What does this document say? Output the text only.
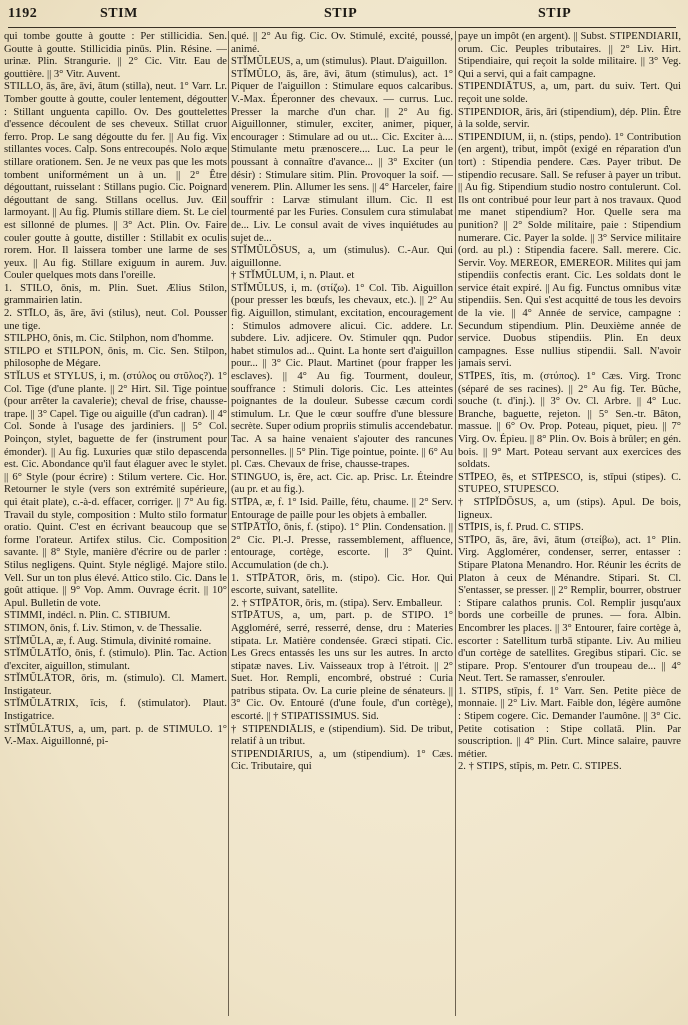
1192	STIM	STIP	STIP

qui tombe goutte à goutte : Per stillicidia. Sen. Goutte à goutte. Stillicidia pinūs. Plin. Résine. — urinæ. Plin. Strangurie. || 2° Cic. Vitr. Eau de gouttière. || 3° Vitr. Auvent.

STILLO, ās, āre, āvi, ātum (stilla), neut. 1° Varr. Lr. Tomber goutte à goutte, couler lentement, dégoutter : Stillant unguenta capillo. Ov. Des gouttelettes d'essence découlent de ses cheveux. Stillat cruor ferro. Prop. Le sang dégoutte du fer. || Au fig. Vix stillantes voces. Calp. Sons entrecoupés. Nolo æque stillare orationem. Sen. Je ne veux pas que les mots tombent uniformément un à un. || 2° Être dégouttant, ruisselant : Stillans pugio. Cic. Poignard dégouttant de sang. Stillans ocellus. Juv. Œil larmoyant. || Au fig. Plumis stillare diem. St. Le ciel est sillonné de plumes. || 3° Act. Plin. Ov. Faire couler goutte à goutte, distiller : Stillabit ex oculis rorem. Hor. Il laissera tomber une larme de ses yeux. || Au fig. Stillare exiguum in aurem. Juv. Couler quelques mots dans l'oreille.

1. STILO, ōnis, m. Plin. Suet. Ælius Stilon, grammairien latin.

2. STĪLO, ās, āre, āvi (stilus), neut. Col. Pousser une tige.

STILPHO, ōnis, m. Cic. Stilphon, nom d'homme.

STILPO et STILPON, ōnis, m. Cic. Sen. Stilpon, philosophe de Mégare.

STĬLUS et STYLUS, i, m. (στύλος ou στῦλος?). 1° Col. Tige (d'une plante. || 2° Hirt. Sil. Tige pointue (pour arrêter la cavalerie); cheval de frise, chausse-trape. || 3° Capel. Tige ou aiguille (d'un cadran). || 4° Col. Sonde à l'usage des jardiniers. || 5° Col. Poinçon, stylet, baguette de fer (instrument pour émonder). || Au fig. Luxuries quæ stilo depascenda est. Cic. Abondance qu'il faut élaguer avec le stylet. || 6° Style (pour écrire) : Stilum vertere. Cic. Hor. Retourner le style (vers son extrémité supérieure, qui était plate), c.-à-d. effacer, corriger. || 7° Au fig. Travail du style, composition : Multo stilo formatur oratio. Quint. C'est en écrivant beaucoup que se forme l'orateur. Artifex stilus. Cic. Composition savante. || 8° Style, manière d'écrire ou de parler : Stilus negligens. Quint. Style négligé. Majore stilo. Vell. Sur un ton plus élevé. Attico stilo. Cic. Dans le goût attique. || 9° Vop. Amm. Ouvrage écrit. || 10° Apul. Bulletin de vote.

STIMMI, indécl. n. Plin. C. STIBIUM.

STIMON, ōnis, f. Liv. Stimon, v. de Thessalie.

STĬMŬLA, æ, f. Aug. Stimula, divinité romaine.

STĬMŬLĀTĬO, ōnis, f. (stimulo). Plin. Tac. Action d'exciter, aiguillon, stimulant.

STĬMŬLĀTOR, ōris, m. (stimulo). Cl. Mamert. Instigateur.

STĬMŬLĀTRIX, īcis, f. (stimulator). Plaut. Instigatrice.

STĬMŬLĀTUS, a, um, part. p. de STIMULO. 1° V.-Max. Aiguillonné, pi-

qué. || 2° Au fig. Cic. Ov. Stimulé, excité, poussé, animé.

STĬMŬLEUS, a, um (stimulus). Plaut. D'aiguillon.

STĬMŬLO, ās, āre, āvi, ātum (stimulus), act. 1° Piquer de l'aiguillon : Stimulare equos calcaribus. V.-Max. Éperonner des chevaux. — currus. Luc. Presser la marche d'un char. || 2° Au fig. Aiguillonner, stimuler, exciter, animer, piquer, encourager : Stimulare ad ou ut... Cic. Exciter à.... Stimulante metu prænoscere.... Luc. La peur le poussant à connaître d'avance... || 3° Exciter (un désir) : Stimulare sitim. Plin. Provoquer la soif. — venerem. Plin. Allumer les sens. || 4° Harceler, faire souffrir : Larvæ stimulant illum. Cic. Il est tourmenté par les Furies. Consulem cura stimulabat de... Liv. Le consul avait de vives inquiétudes au sujet de...

STĬMŬLŌSUS, a, um (stimulus). C.-Aur. Qui aiguillonne.

† STĬMŬLUM, i, n. Plaut. et

STĬMŬLUS, i, m. (στίζω). 1° Col. Tib. Aiguillon (pour presser les bœufs, les chevaux, etc.). || 2° Au fig. Aiguillon, stimulant, excitation, encouragement : Stimulos admovere alicui. Cic. addere. Lr. subdere. Liv. adjicere. Ov. Stimuler qqn. Pudor habet stimulos ad... Quint. La honte sert d'aiguillon pour... || 3° Cic. Plaut. Martinet (pour frapper les esclaves). || 4° Au fig. Tourment, douleur, souffrance : Stimuli doloris. Cic. Les atteintes poignantes de la douleur. Subesse cæcum cordi stimulum. Lr. Que le cœur souffre d'une blessure secrète. Super odium propriis stimulis accendebatur. Tac. A sa haine venaient s'ajouter des rancunes personnelles. || 5° Plin. Tige pointue, pointe. || 6° Au pl. Cæs. Chevaux de frise, chausse-trapes.

STINGUO, is, ĕre, act. Cic. ap. Prisc. Lr. Éteindre (au pr. et au fig.).

STĪPA, æ, f. 1° Isid. Paille, fétu, chaume. || 2° Serv. Entourage de paille pour les objets à emballer.

STĪPĀTĬO, ōnis, f. (stipo). 1° Plin. Condensation. || 2° Cic. Pl.-J. Presse, rassemblement, affluence, entourage, cortège, escorte. || 3° Quint. Accumulation (de ch.).

1. STĪPĀTOR, ōris, m. (stipo). Cic. Hor. Qui escorte, suivant, satellite.

2. † STĪPĀTOR, ōris, m. (stipa). Serv. Emballeur.

STĪPĀTUS, a, um, part. p. de STIPO. 1° Aggloméré, serré, resserré, dense, dru : Materies stipata. Lr. Matière condensée. Græci stipati. Cic. Les Grecs entassés les uns sur les autres. In arcto stipatæ naves. Liv. Vaisseaux trop à l'étroit. || 2° Suet. Hor. Rempli, encombré, obstrué : Curia patribus stipata. Ov. La curie pleine de sénateurs. || 3° Cic. Ov. Entouré (d'une foule, d'un cortège), escorté. || † STIPATISSIMUS. Sid.

† STIPENDIĀLIS, e (stipendium). Sid. De tribut, relatif à un tribut.

STIPENDIĀRIUS, a, um (stipendium). 1° Cæs. Cic. Tributaire, qui

paye un impôt (en argent). || Subst. STIPENDIARII, orum. Cic. Peuples tributaires. || 2° Liv. Hirt. Stipendiaire, qui reçoit la solde militaire. || 3° Veg. Qui a servi, qui a fait campagne.

STIPENDIĀTUS, a, um, part. du suiv. Tert. Qui reçoit une solde.

STIPENDIOR, āris, āri (stipendium), dép. Plin. Être à la solde, servir.

STIPENDIUM, ii, n. (stips, pendo). 1° Contribution (en argent), tribut, impôt (exigé en réparation d'un tort) : Stipendia pendere. Cæs. Payer tribut. De stipendio recusare. Sall. Se refuser à payer un tribut. || Au fig. Stipendium studio nostro contulerunt. Col. Ils ont contribué pour leur part à nos travaux. Quod me manet stipendium? Hor. Quelle sera ma punition? || 2° Solde militaire, paie : Stipendium numerare. Cic. Payer la solde. || 3° Service militaire (ord. au pl.) : Stipendia facere. Sall. merere. Cic. Servir. Voy. MEREOR, EMEREOR. Milites qui jam stipendiis confectis erant. Cic. Les soldats dont le service était expiré. || Au fig. Functus omnibus vitæ stipendiis. Sen. Qui s'est acquitté de tous les devoirs de la vie. || 4° Année de service, campagne : Secundum stipendium. Plin. Deuxième année de service. Duobus stipendiis. Plin. En deux campagnes. Esse nullius stipendii. Sall. N'avoir jamais servi.

STĪPES, ĭtis, m. (στύπος). 1° Cæs. Virg. Tronc (séparé de ses racines). || 2° Au fig. Ter. Bûche, souche (t. d'inj.). || 3° Ov. Cl. Arbre. || 4° Luc. Branche, baguette, rejeton. || 5° Sen.-tr. Bâton, massue. || 6° Ov. Prop. Poteau, piquet, pieu. || 7° Virg. Ov. Épieu. || 8° Plin. Ov. Bois à brûler; en gén. bois. || 9° Mart. Poteau servant aux exercices des soldats.

STĪPEO, ēs, et STĪPESCO, is, stīpui (stipes). C. STUPEO, STUPESCO.

† STĪPĬDŌSUS, a, um (stips). Apul. De bois, ligneux.

STĪPIS, is, f. Prud. C. STIPS.

STĪPO, ās, āre, āvi, ātum (στείβω), act. 1° Plin. Virg. Agglomérer, condenser, serrer, entasser : Stipare Platona Menandro. Hor. Réunir les écrits de Platon à ceux de Ménandre. Stipari. St. Cl. S'entasser, se presser. || 2° Remplir, bourrer, obstruer : Stipare calathos prunis. Col. Remplir jusqu'aux bords une corbeille de prunes. — fora. Albin. Encombrer les places. || 3° Entourer, faire cortège à, escorter : Satellitum turbā stipante. Liv. Au milieu d'un cortège de satellites. Gregibus stipari. Cic. se stipare. Prop. S'entourer d'un troupeau de... || 4° Neut. Tert. Se ramasser, s'enrouler.

1. STIPS, stīpis, f. 1° Varr. Sen. Petite pièce de monnaie. || 2° Liv. Mart. Faible don, légère aumône : Stipem cogere. Cic. Demander l'aumône. || 3° Cic. Petite cotisation : Stipe collatā. Plin. Par souscription. || 4° Plin. Curt. Mince salaire, pauvre métier.

2. † STIPS, stĭpis, m. Petr. C. STIPES.
